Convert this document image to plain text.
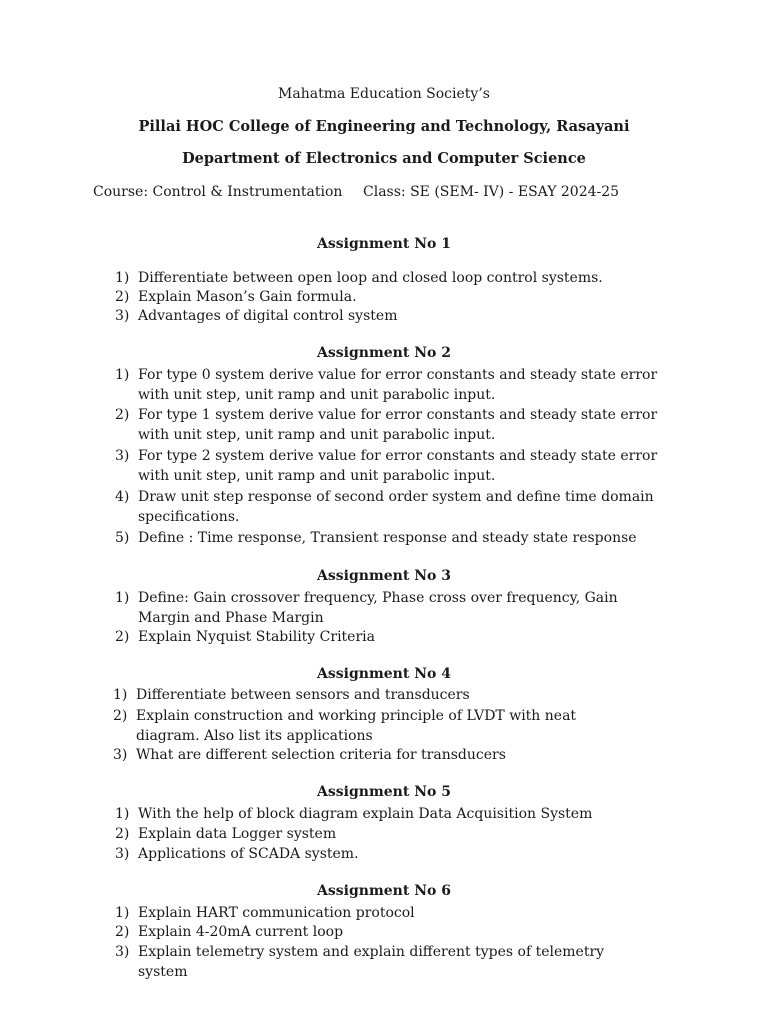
Mahatma Education Society’s
Pillai HOC College of Engineering and Technology, Rasayani
Department of Electronics and Computer Science
Course: Control & Instrumentation Class: SE (SEM- IV) - ESAY 2024-25
Assignment No 1
1) Differentiate between open loop and closed loop control systems.
2) Explain Mason’s Gain formula.
3) Advantages of digital control system
Assignment No 2
1) For type 0 system derive value for error constants and steady state error
with unit step, unit ramp and unit parabolic input.
2) For type 1 system derive value for error constants and steady state error
with unit step, unit ramp and unit parabolic input.
3) For type 2 system derive value for error constants and steady state error
with unit step, unit ramp and unit parabolic input.
4) Draw unit step response of second order system and define time domain
specifications.
5) Define : Time response, Transient response and steady state response
Assignment No 3
1) Define: Gain crossover frequency, Phase cross over frequency, Gain
Margin and Phase Margin
2) Explain Nyquist Stability Criteria
Assignment No 4
1) Differentiate between sensors and transducers
2) Explain construction and working principle of LVDT with neat
diagram. Also list its applications
3) What are different selection criteria for transducers
Assignment No 5
1) With the help of block diagram explain Data Acquisition System
2) Explain data Logger system
3) Applications of SCADA system.
Assignment No 6
1) Explain HART communication protocol
2) Explain 4-20mA current loop
3) Explain telemetry system and explain different types of telemetry
system
